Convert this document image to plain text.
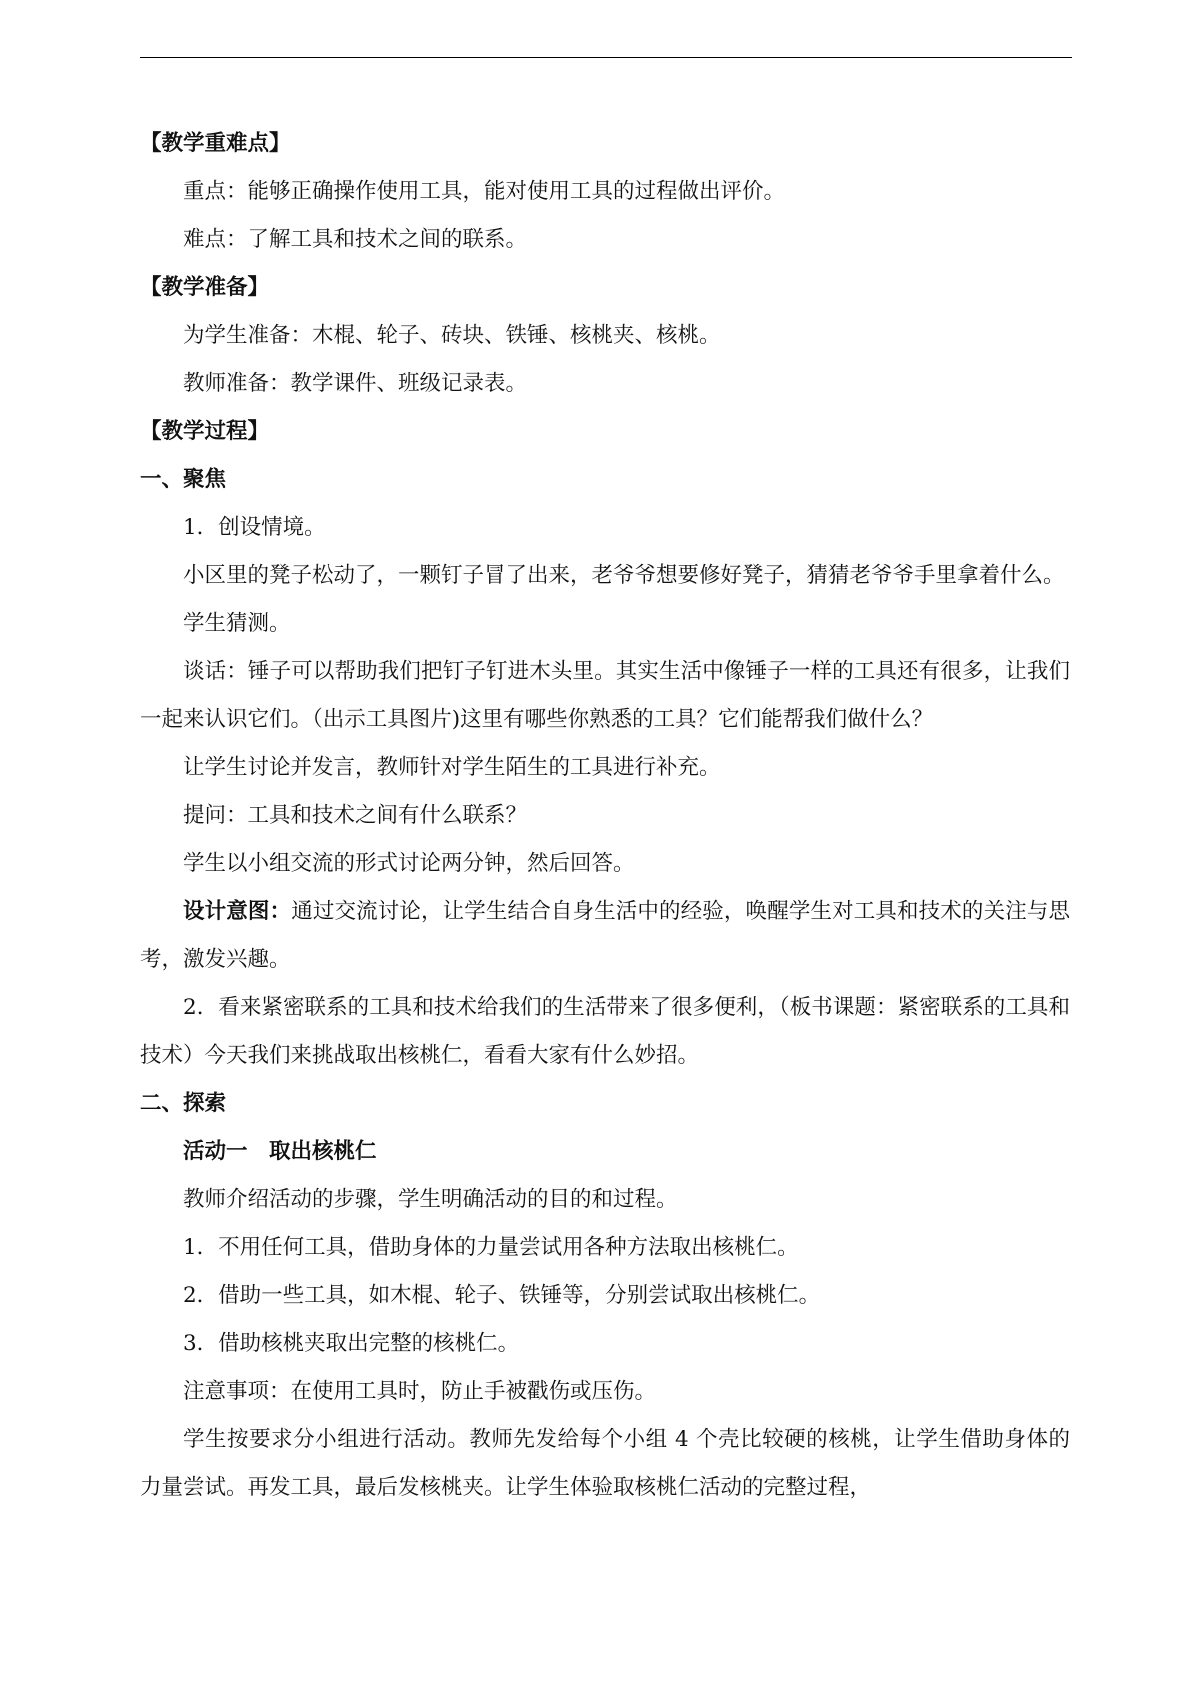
【教学重难点】

重点：能够正确操作使用工具，能对使用工具的过程做出评价。

难点：了解工具和技术之间的联系。

【教学准备】

为学生准备：木棍、轮子、砖块、铁锤、核桃夹、核桃。

教师准备：教学课件、班级记录表。

【教学过程】

一、聚焦

1．创设情境。

小区里的凳子松动了，一颗钉子冒了出来，老爷爷想要修好凳子，猜猜老爷爷手里拿着什么。

学生猜测。

谈话：锤子可以帮助我们把钉子钉进木头里。其实生活中像锤子一样的工具还有很多，让我们一起来认识它们。（出示工具图片)这里有哪些你熟悉的工具？它们能帮我们做什么？

让学生讨论并发言，教师针对学生陌生的工具进行补充。

提问：工具和技术之间有什么联系？

学生以小组交流的形式讨论两分钟，然后回答。

设计意图：通过交流讨论，让学生结合自身生活中的经验，唤醒学生对工具和技术的关注与思考，激发兴趣。

2．看来紧密联系的工具和技术给我们的生活带来了很多便利，（板书课题：紧密联系的工具和技术）今天我们来挑战取出核桃仁，看看大家有什么妙招。

二、探索

活动一　取出核桃仁

教师介绍活动的步骤，学生明确活动的目的和过程。

1．不用任何工具，借助身体的力量尝试用各种方法取出核桃仁。

2．借助一些工具，如木棍、轮子、铁锤等，分别尝试取出核桃仁。

3．借助核桃夹取出完整的核桃仁。

注意事项：在使用工具时，防止手被戳伤或压伤。

学生按要求分小组进行活动。教师先发给每个小组 4 个壳比较硬的核桃，让学生借助身体的力量尝试。再发工具，最后发核桃夹。让学生体验取核桃仁活动的完整过程，
